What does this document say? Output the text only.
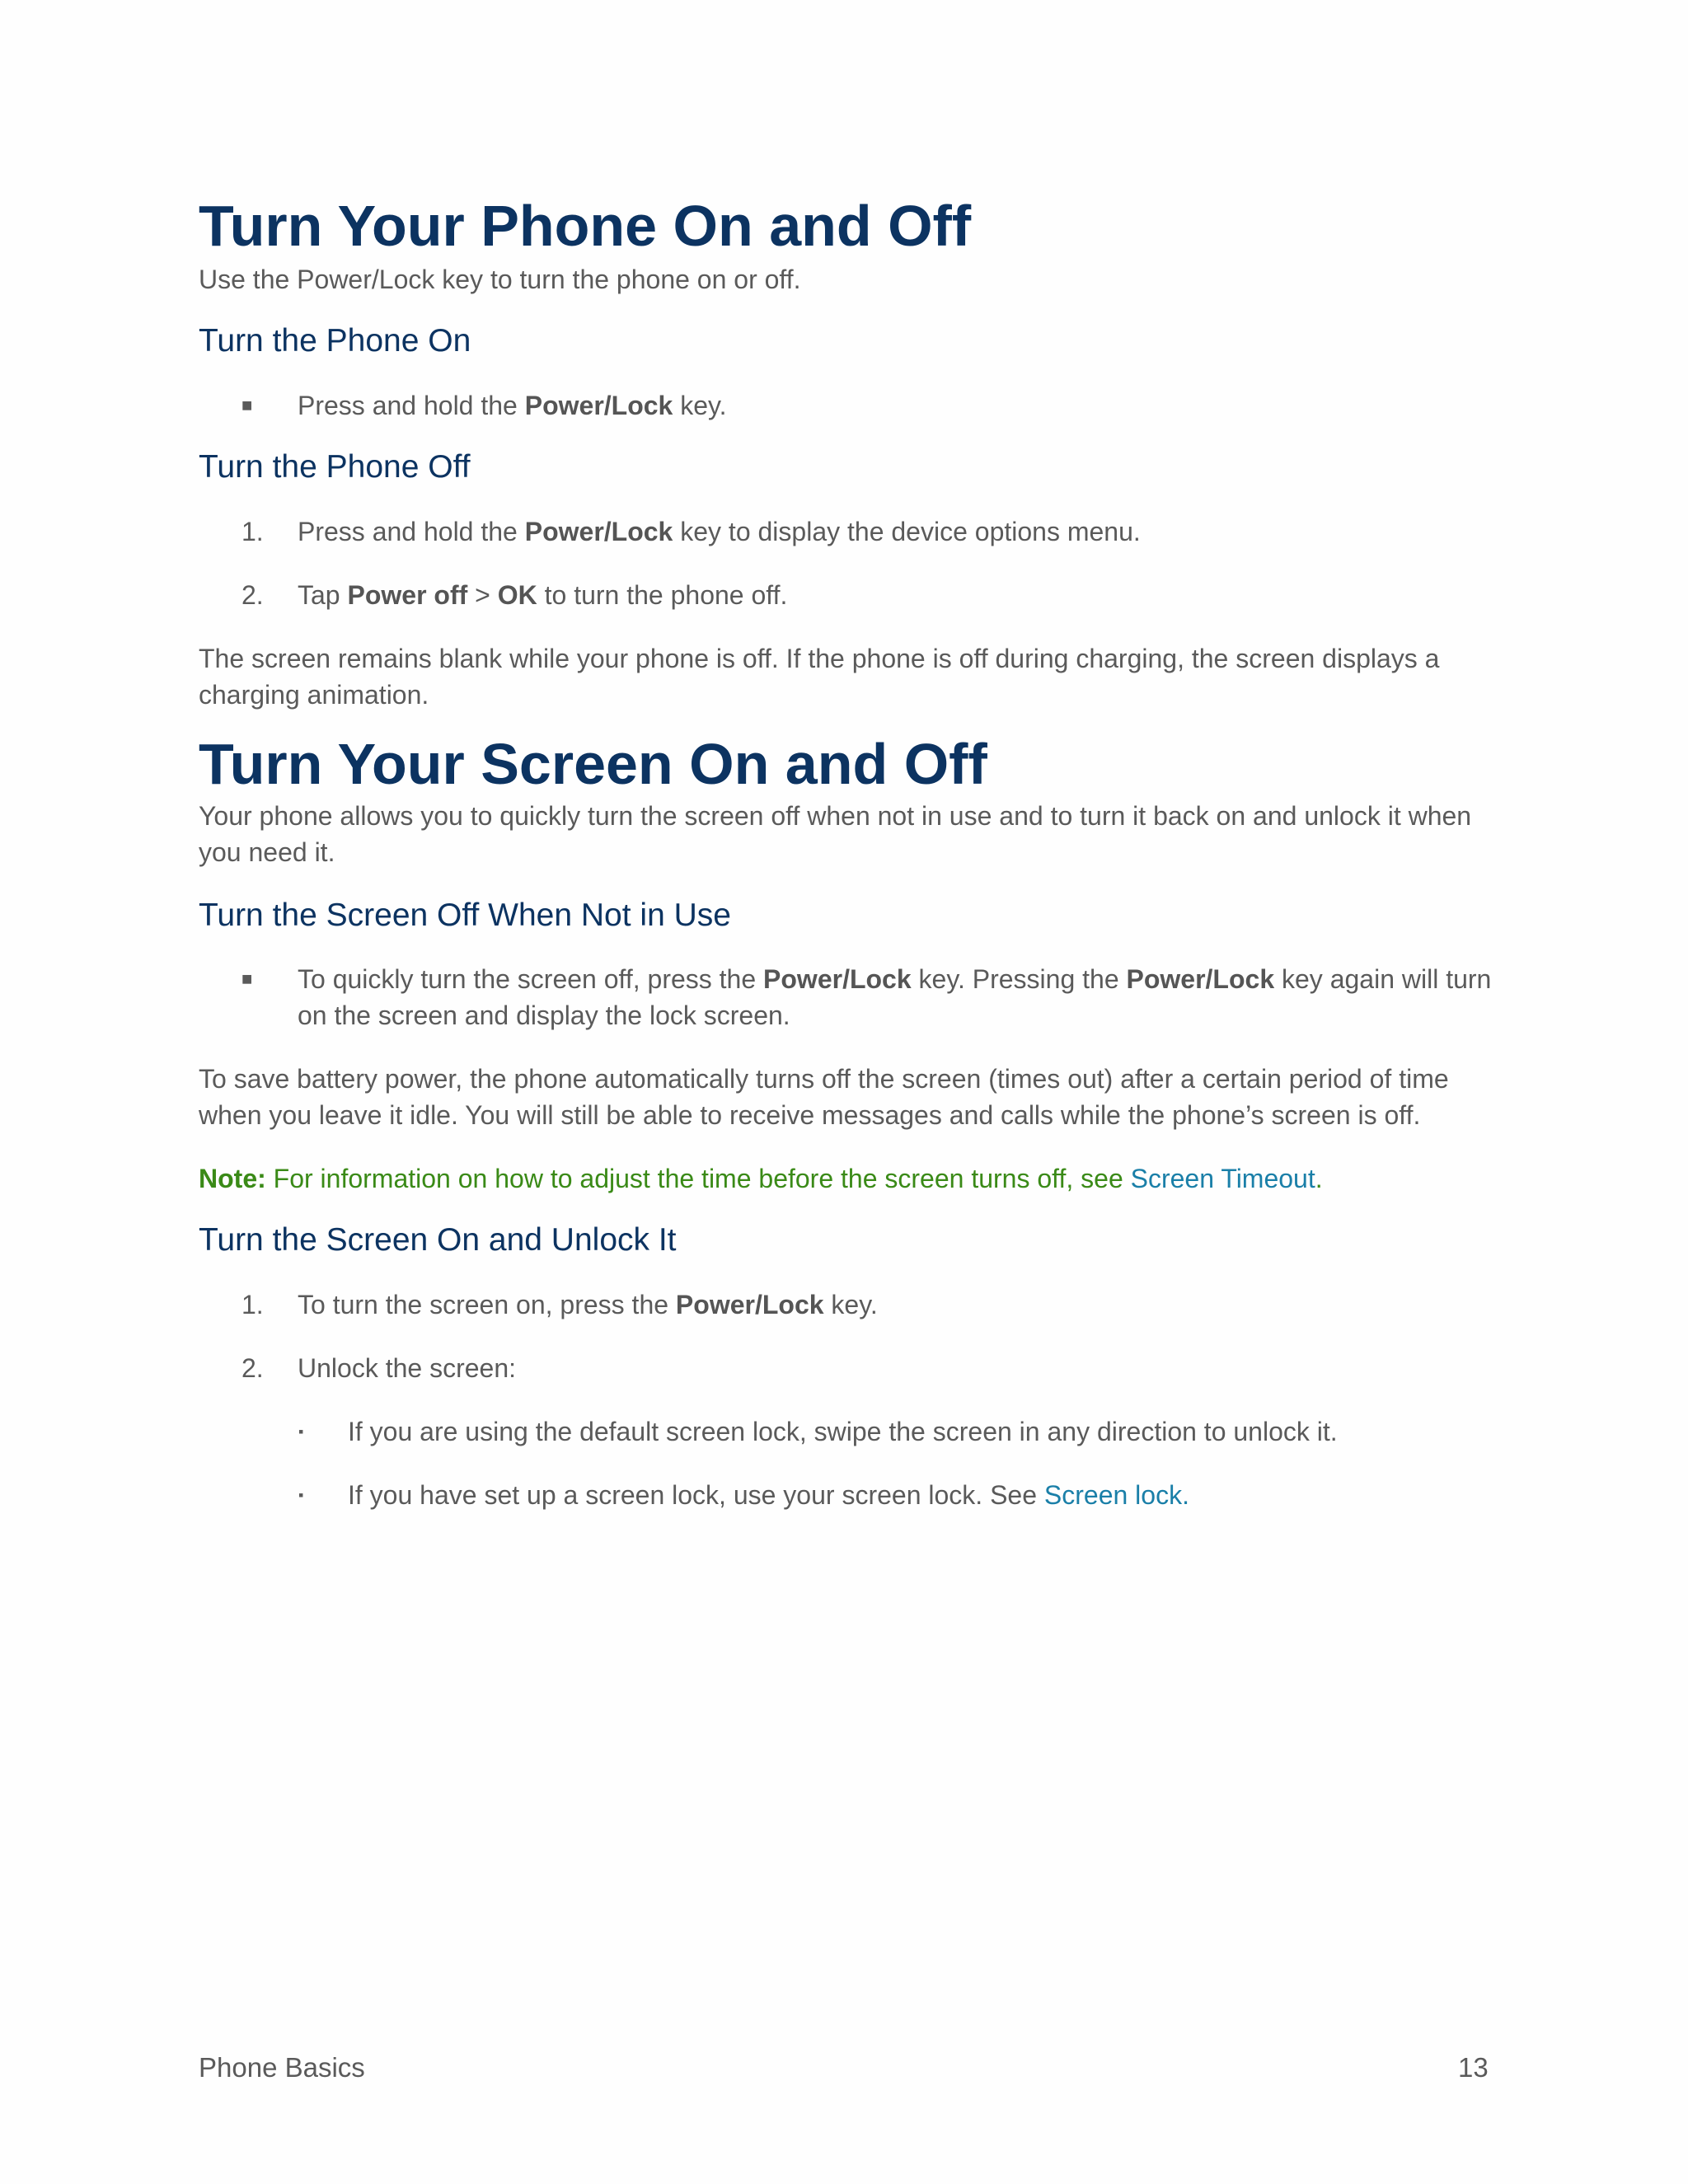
Turn Your Phone On and Off

Use the Power/Lock key to turn the phone on or off.

Turn the Phone On

■	Press and hold the Power/Lock key.

Turn the Phone Off

1.	Press and hold the Power/Lock key to display the device options menu.

2.	Tap Power off > OK to turn the phone off.

The screen remains blank while your phone is off. If the phone is off during charging, the screen displays a charging animation.

Turn Your Screen On and Off

Your phone allows you to quickly turn the screen off when not in use and to turn it back on and unlock it when you need it.

Turn the Screen Off When Not in Use

■	To quickly turn the screen off, press the Power/Lock key. Pressing the Power/Lock key again will turn on the screen and display the lock screen.

To save battery power, the phone automatically turns off the screen (times out) after a certain period of time when you leave it idle. You will still be able to receive messages and calls while the phone’s screen is off.

Note: For information on how to adjust the time before the screen turns off, see Screen Timeout.

Turn the Screen On and Unlock It

1.	To turn the screen on, press the Power/Lock key.

2.	Unlock the screen:

▪ If you are using the default screen lock, swipe the screen in any direction to unlock it.

▪ If you have set up a screen lock, use your screen lock. See Screen lock.

Phone Basics	13
